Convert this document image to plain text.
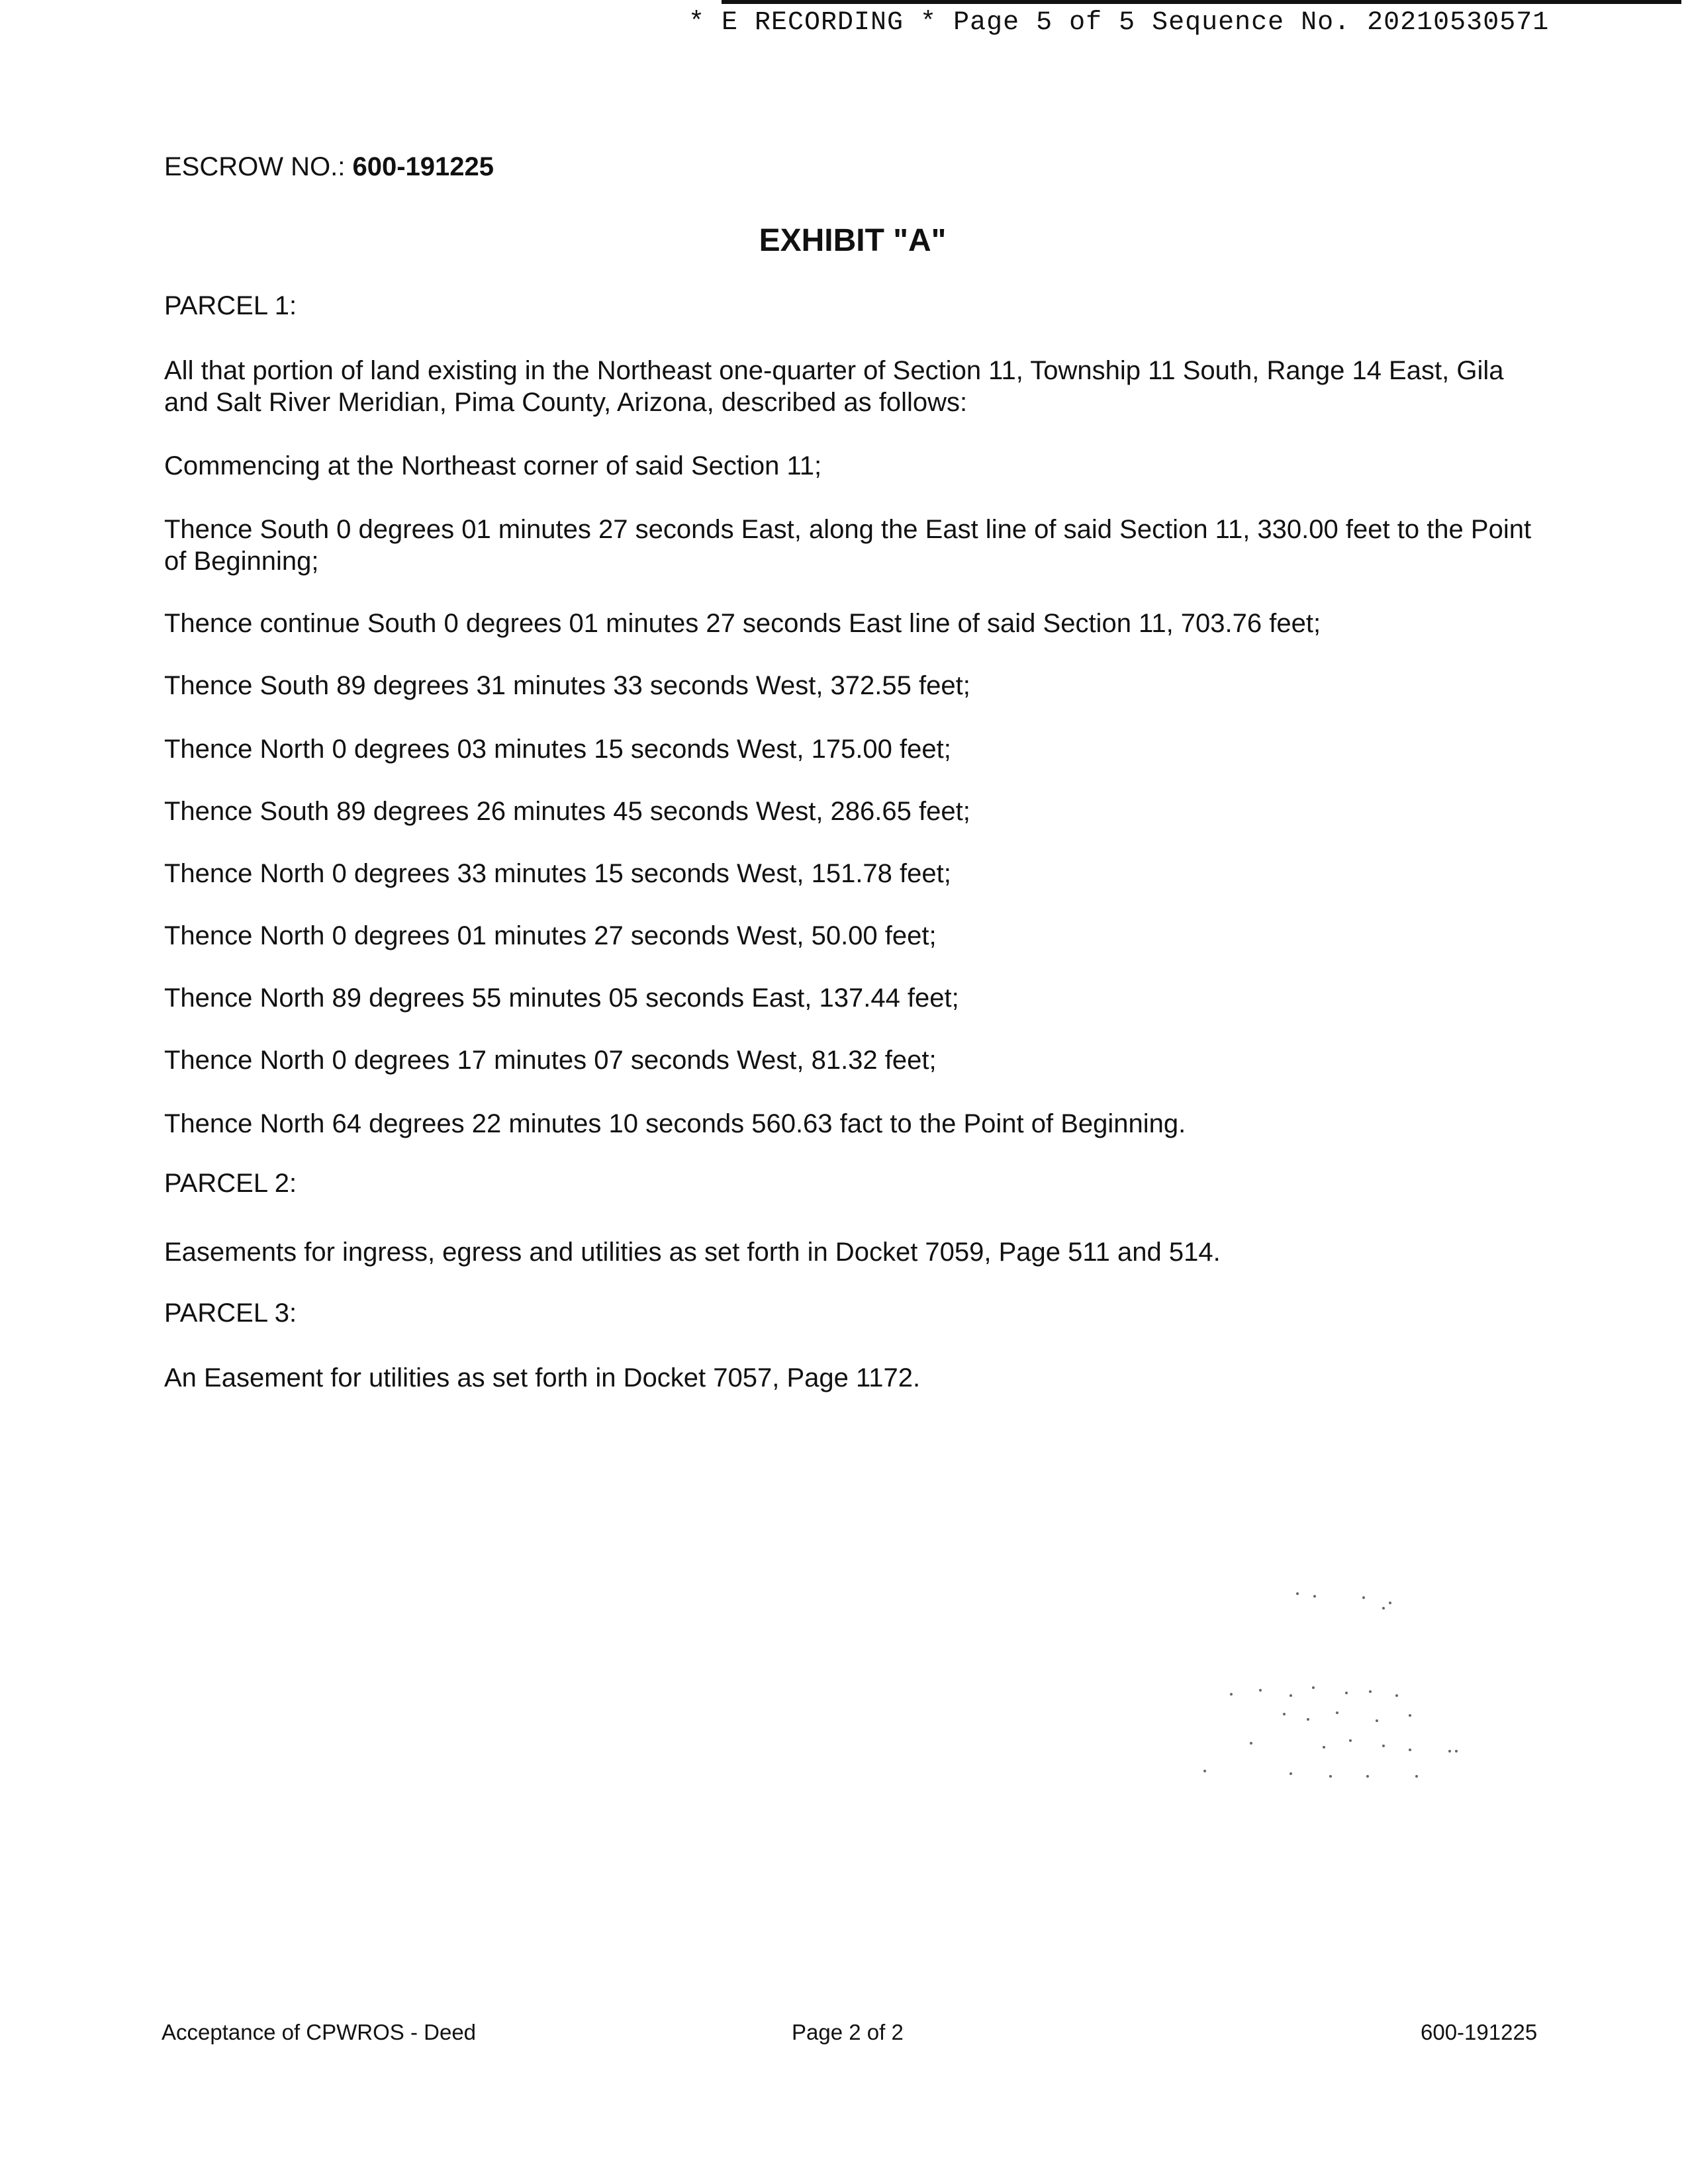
* E RECORDING * Page 5 of 5 Sequence No. 20210530571
ESCROW NO.: 600-191225
EXHIBIT "A"

PARCEL 1:

All that portion of land existing in the Northeast one-quarter of Section 11, Township 11 South, Range 14 East, Gila and Salt River Meridian, Pima County, Arizona, described as follows:

Commencing at the Northeast corner of said Section 11;

Thence South 0 degrees 01 minutes 27 seconds East, along the East line of said Section 11, 330.00 feet to the Point of Beginning;

Thence continue South 0 degrees 01 minutes 27 seconds East line of said Section 11, 703.76 feet;

Thence South 89 degrees 31 minutes 33 seconds West, 372.55 feet;

Thence North 0 degrees 03 minutes 15 seconds West, 175.00 feet;

Thence South 89 degrees 26 minutes 45 seconds West, 286.65 feet;

Thence North 0 degrees 33 minutes 15 seconds West, 151.78 feet;

Thence North 0 degrees 01 minutes 27 seconds West, 50.00 feet;

Thence North 89 degrees 55 minutes 05 seconds East, 137.44 feet;

Thence North 0 degrees 17 minutes 07 seconds West, 81.32 feet;

Thence North 64 degrees 22 minutes 10 seconds 560.63 fact to the Point of Beginning.

PARCEL 2:

Easements for ingress, egress and utilities as set forth in Docket 7059, Page 511 and 514.

PARCEL 3:

An Easement for utilities as set forth in Docket 7057, Page 1172.

Acceptance of CPWROS - Deed	Page 2 of 2	600-191225
